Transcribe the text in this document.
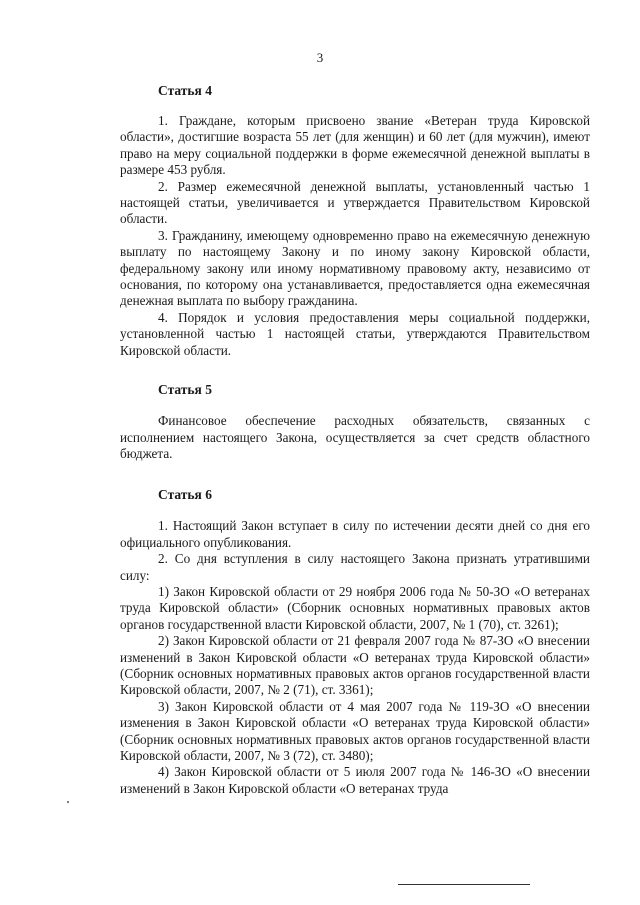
3
Статья 4

1. Гражданe, которым присвоено звание «Ветеран труда Кировской области», достигшие возраста 55 лет (для женщин) и 60 лет (для мужчин), имеют право на меру социальной поддержки в форме ежемесячной денежной выплаты в размере 453 рубля.

2. Размер ежемесячной денежной выплаты, установленный частью 1 настоящей статьи, увеличивается и утверждается Правительством Кировской области.

3. Гражданину, имеющему одновременно право на ежемесячную денежную выплату по настоящему Закону и по иному закону Кировской области, федеральному закону или иному нормативному правовому акту, независимо от основания, по которому она устанавливается, предоставляется одна ежемесячная денежная выплата по выбору гражданина.

4. Порядок и условия предоставления меры социальной поддержки, установленной частью 1 настоящей статьи, утверждаются Правительством Кировской области.

Статья 5

Финансовое обеспечение расходных обязательств, связанных с исполнением настоящего Закона, осуществляется за счет средств областного бюджета.

Статья 6

1. Настоящий Закон вступает в силу по истечении десяти дней со дня его официального опубликования.

2. Со дня вступления в силу настоящего Закона признать утратившими силу:

1) Закон Кировской области от 29 ноября 2006 года № 50-ЗО «О ветеранах труда Кировской области» (Сборник основных нормативных правовых актов органов государственной власти Кировской области, 2007, № 1 (70), ст. 3261);

2) Закон Кировской области от 21 февраля 2007 года № 87-ЗО «О внесении изменений в Закон Кировской области «О ветеранах труда Кировской области» (Сборник основных нормативных правовых актов органов государственной власти Кировской области, 2007, № 2 (71), ст. 3361);

3) Закон Кировской области от 4 мая 2007 года № 119-ЗО «О внесении изменения в Закон Кировской области «О ветеранах труда Кировской области» (Сборник основных нормативных правовых актов органов государственной власти Кировской области, 2007, № 3 (72), ст. 3480);

4) Закон Кировской области от 5 июля 2007 года № 146-ЗО «О внесении изменений в Закон Кировской области «О ветеранах труда
